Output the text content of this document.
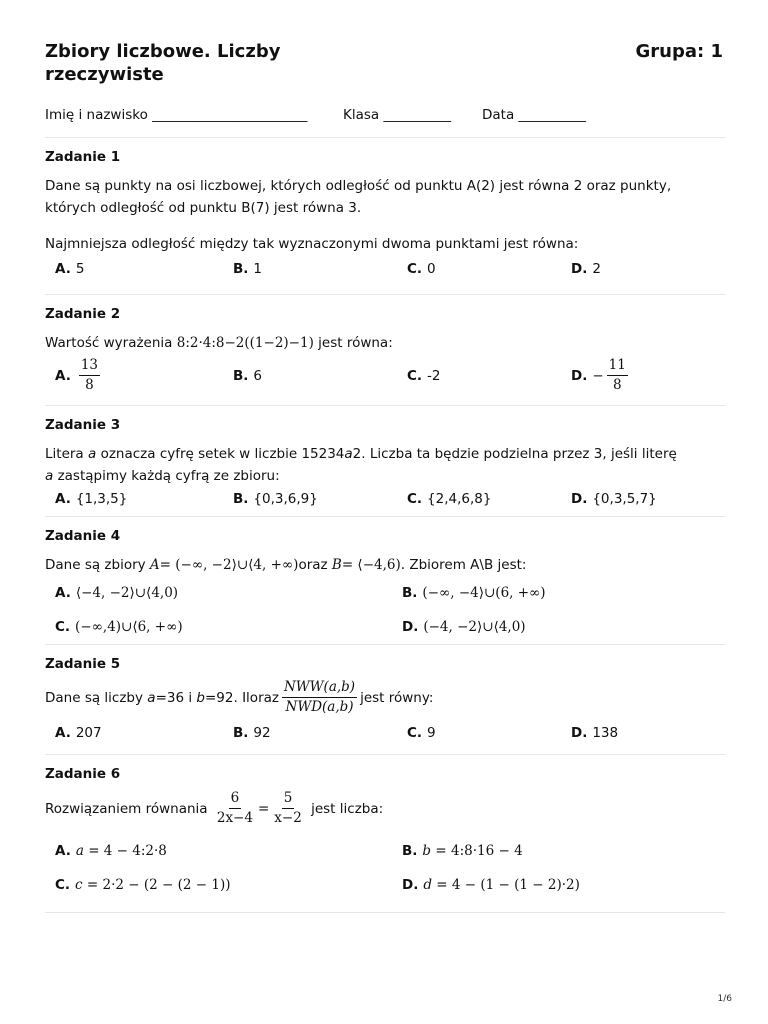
Zbiory liczbowe. Liczby rzeczywiste
Grupa: 1
Imię i nazwisko _______________________	Klasa __________	Data __________
Zadanie 1
Dane są punkty na osi liczbowej, których odległość od punktu A(2) jest równa 2 oraz punkty, których odległość od punktu B(7) jest równa 3.
Najmniejsza odległość między tak wyznaczonymi dwoma punktami jest równa:
A. 5	B. 1	C. 0	D. 2
Zadanie 2
Wartość wyrażenia 8:2·4:8−2((1−2)−1) jest równa:
A. $\frac{13}{8}$	B. 6	C. -2	D. − $\frac{11}{8}$
Zadanie 3
Litera a oznacza cyfrę setek w liczbie 15234a2. Liczba ta będzie podzielna przez 3, jeśli literę
a zastąpimy każdą cyfrą ze zbioru:
A. {1,3,5}	B. {0,3,6,9}	C. {2,4,6,8}	D. {0,3,5,7}
Zadanie 4
Dane są zbiory A= (−∞, −2⟩∪⟨4, +∞)oraz B= ⟨−4,6). Zbiorem A\B jest:
A. ⟨−4, −2⟩∪⟨4,0)	B. (−∞, −4⟩∪(6, +∞)
C. (−∞,4)∪⟨6, +∞)	D. (−4, −2⟩∪⟨4,0)
Zadanie 5
Dane są liczby
a =36 i
b =92. Iloraz $\frac{\text{NWW(a,b)}}{\text{NWD(a,b)}}$ jest równy:
A. 207	B. 92	C. 9	D. 138
Zadanie 6
Rozwiązaniem równania
$\frac{6}{2x-4} = \frac{5}{x-2}$
jest liczba:
A. a
= 4 − 4:2·8	B. b
= 4:8·16 − 4
C. c
= 2·2 − (2 − (2 − 1))	D. d
= 4 − (1 − (1 − 2)·2)
1/6
